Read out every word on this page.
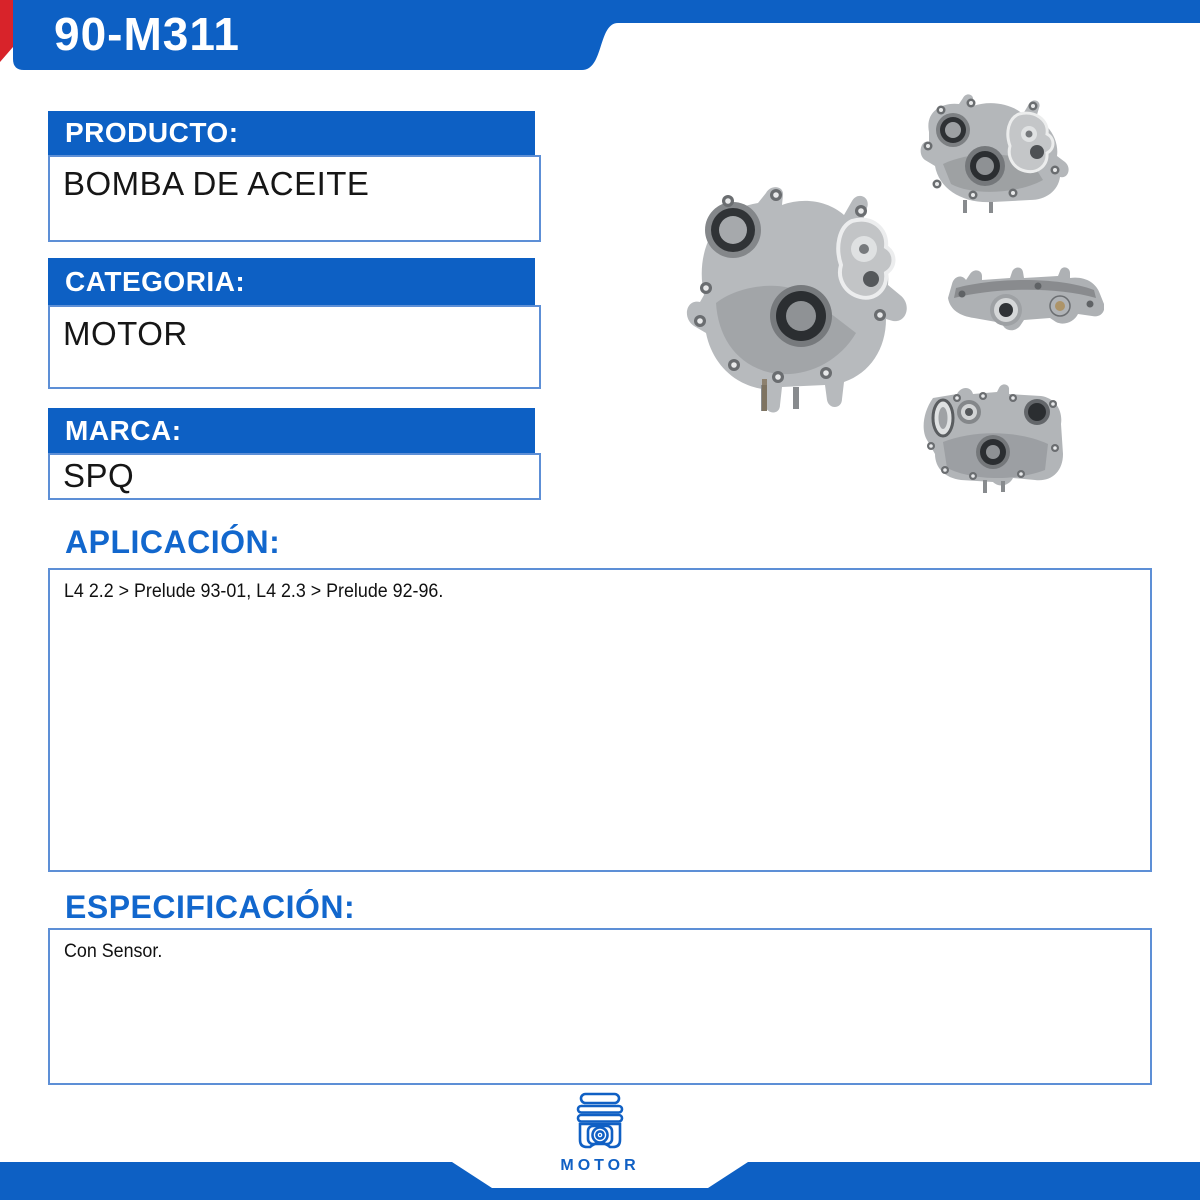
90-M311
PRODUCTO:
BOMBA DE ACEITE
CATEGORIA:
MOTOR
MARCA:
SPQ
APLICACIÓN:
L4 2.2 > Prelude 93-01, L4 2.3 > Prelude 92-96.
ESPECIFICACIÓN:
Con Sensor.
MOTOR
